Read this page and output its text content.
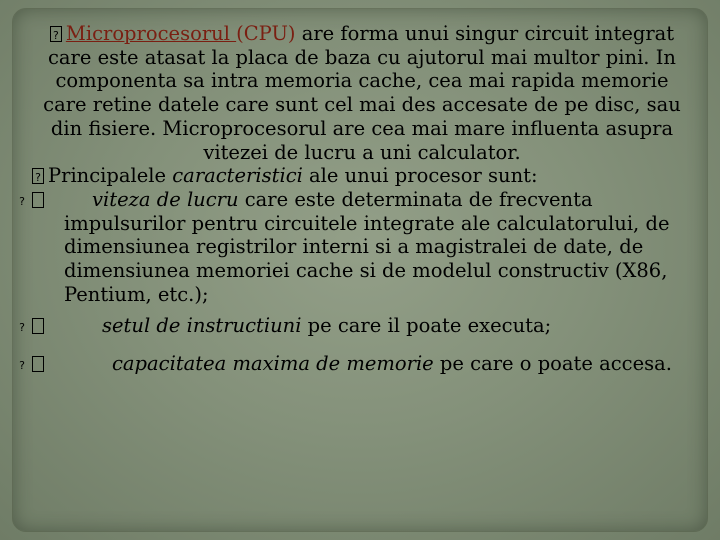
?Microprocesorul (CPU) are forma unui singur circuit integrat care este atasat la placa de baza cu ajutorul mai multor pini. In componenta sa intra memoria cache, cea mai rapida memorie care retine datele care sunt cel mai des accesate de pe disc, sau din fisiere. Microprocesorul are cea mai mare influenta asupra vitezei de lucru a uni calculator.

?Principalele caracteristici ale unui procesor sunt:

?viteza de lucru care este determinata de frecventa impulsurilor pentru circuitele integrate ale calculatorului, de dimensiunea registrilor interni si a magistralei de date, de dimensiunea memoriei cache si de modelul constructiv (X86, Pentium, etc.);

?setul de instructiuni pe care il poate executa;

?capacitatea maxima de memorie pe care o poate accesa.
